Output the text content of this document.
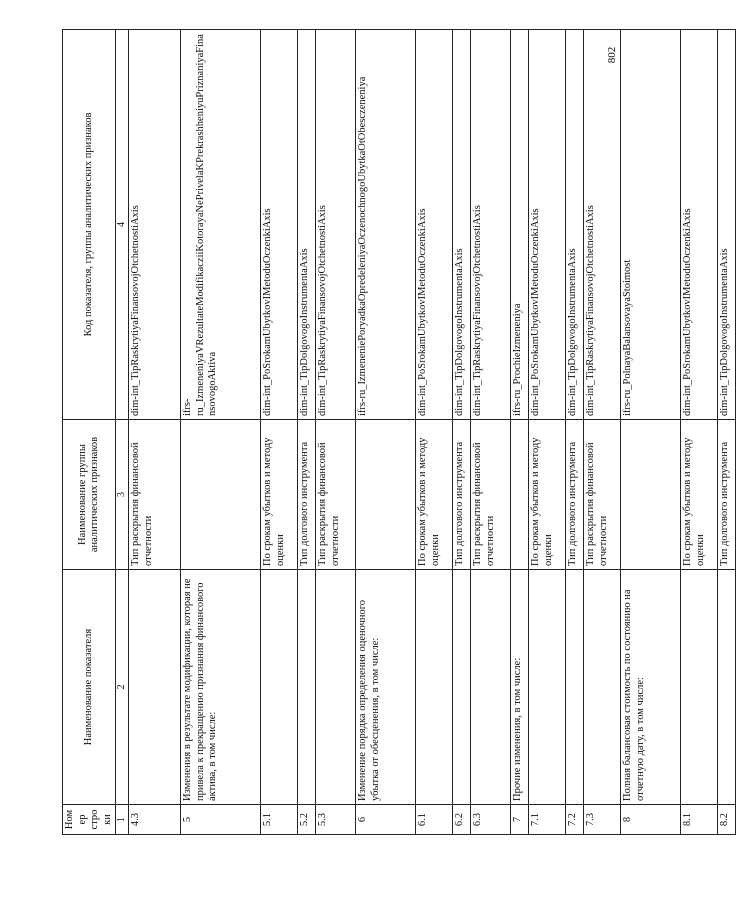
802
Номер строки	Наименование показателя	Наименование группы аналитических признаков	Код показателя, группы аналитических признаков
1	2	3	4
4.3		Тип раскрытия финансовой отчетности	dim-int_TipRaskrytiyaFinansovojOtchetnostiAxis
5	Изменения в результате модификации, которая не привела к прекращению признания финансового актива, в том числе:		ifrs-ru_IzmeneniyaVRezultateModifikacziiKotorayaNePrivelaKPrekrashheniyuPriznaniyaFinansovogoAktiva
5.1		По срокам убытков и методу оценки	dim-int_PoSrokamUbytkovIMetoduOczenkiAxis
5.2		Тип долгового инструмента	dim-int_TipDolgovogoInstrumentaAxis
5.3		Тип раскрытия финансовой отчетности	dim-int_TipRaskrytiyaFinansovojOtchetnostiAxis
6	Изменение порядка определения оценочного убытка от обесценения, в том числе:		ifrs-ru_IzmeneniePoryadkaOpredeleniyaOczenochnogoUbytkaOtObesczeneniya
6.1		По срокам убытков и методу оценки	dim-int_PoSrokamUbytkovIMetoduOczenkiAxis
6.2		Тип долгового инструмента	dim-int_TipDolgovogoInstrumentaAxis
6.3		Тип раскрытия финансовой отчетности	dim-int_TipRaskrytiyaFinansovojOtchetnostiAxis
7	Прочие изменения, в том числе:		ifrs-ru_ProchieIzmeneniya
7.1		По срокам убытков и методу оценки	dim-int_PoSrokamUbytkovIMetoduOczenkiAxis
7.2		Тип долгового инструмента	dim-int_TipDolgovogoInstrumentaAxis
7.3		Тип раскрытия финансовой отчетности	dim-int_TipRaskrytiyaFinansovojOtchetnostiAxis
8	Полная балансовая стоимость по состоянию на отчетную дату, в том числе:		ifrs-ru_PolnayaBalansovayaStoimost
8.1		По срокам убытков и методу оценки	dim-int_PoSrokamUbytkovIMetoduOczenkiAxis
8.2		Тип долгового инструмента	dim-int_TipDolgovogoInstrumentaAxis
